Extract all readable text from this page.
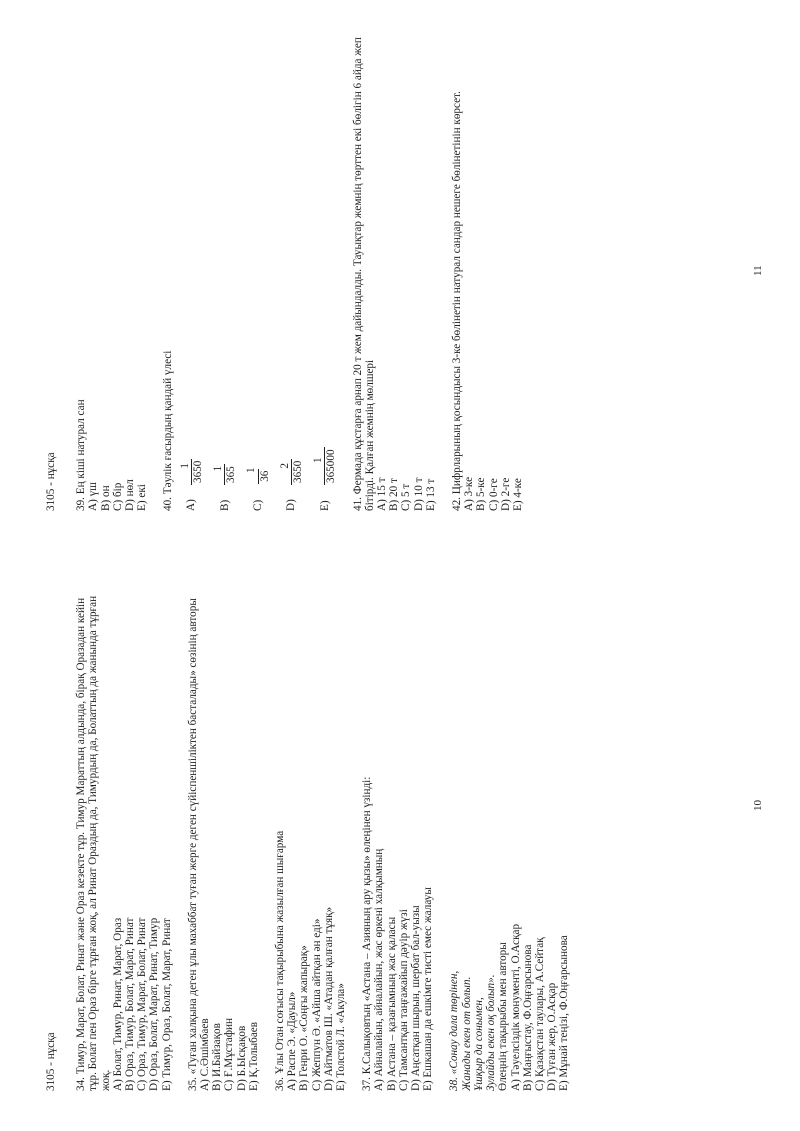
3105 - нұсқа 34. Тимур, Марат, Болат, Ринат және Ораз кезекте тұр. Тимур Мараттың алдында, бірақ Оразадан кейін тұр. Болат пен Ораз бірге тұрған жоқ, ал Ринат Ораздың да, Тимурдың да, Болаттың да жанында тұрған жоқ. A) Болат, Тимур, Ринат, Марат, Ораз B) Ораз, Тимур, Болат, Марат, Ринат C) Ораз, Тимур, Марат, Болат, Ринат D) Ораз, Болат, Марат, Ринат, Тимур E) Тимур, Ораз, Болат, Марат, Ринат 35. «Туған халқына деген ұлы махаббат туған жерге деген сүйіспеншіліктен басталады» сөзінің авторы A) С.Әшімбаев B) И.Байзақов C) Ғ.Мұстафин D) Б.Ысқақов E) Қ.Толыбаев 36. Ұлы Отан соғысы тақырыбына жазылған шығарма A) Распе Э. «Дауыл» B) Генри О. «Соңғы жапырақ» C) Жеппун Ә. «Айша айтқан ән еді» D) Айтматов Ш. «Атадан қалған тұяқ» E) Толстой Л. «Акула» 37. К.Салықовтың «Астана – Азияның ару қызы» өлеңінен үзінді: A) Айналайын, айналайын, жас өркені халқымның B) Астана – қазағымның жас қаласы C) Тамсантқан таңғажайып дәуір жүзі D) Аңсатқан шырын, шербат бал-уызы E) Ешкашан да ешкімге тисті емес жалауы 38. «Сонау дала төрінен, Жанады екен от болып. Ұшқыр да сонымен, Зулайды екен оқ болып». Өлеңнің тақырыбы мен авторы A) Тәуелсіздік монументі, О.Асқар B) Маңғыстау, Ф.Оңғарсынова C) Қазақстан таулары, А.Сейтақ D) Туған жер, О.Асқар E) Мұнай теңізі, Ф.Оңғарсынова
10
3105 - нұсқа 39. Ең кіші натурал сан A) үш B) он C) бір D) нөл E) екі 40. Тәулік ғасырдың қандай үлесі A)
1 3650
B)
1 365
C)
1
36
D)
2 3650
E)
1 365000 41. Фермада құстарға арнап 20 т жем дайындалды. Тауықтар жемнің төрттен екі бөлігін 6 айда жеп бітірді. Қалған жемнің мөлшері A) 15 т B) 20 т C) 5 т D) 10 т E) 13 т 42. Цифрларының қосындысы 3-ке бөлінетін натурал сандар нешеге бөлінетінін көрсет. A) 3-ке B) 5-ке C) 0-ге D) 2-ге E) 4-ке
11
